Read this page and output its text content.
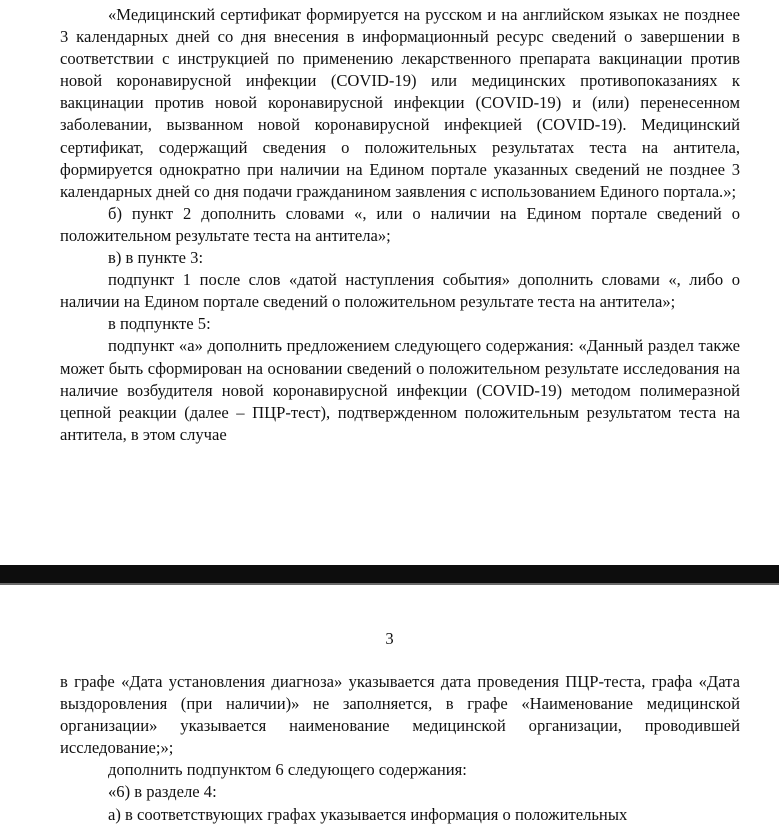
«Медицинский сертификат формируется на русском и на английском языках не позднее 3 календарных дней со дня внесения в информационный ресурс сведений о завершении в соответствии с инструкцией по применению лекарственного препарата вакцинации против новой коронавирусной инфекции (COVID-19) или медицинских противопоказаниях к вакцинации против новой коронавирусной инфекции (COVID-19) и (или) перенесенном заболевании, вызванном новой коронавирусной инфекцией (COVID-19). Медицинский сертификат, содержащий сведения о положительных результатах теста на антитела, формируется однократно при наличии на Едином портале указанных сведений не позднее 3 календарных дней со дня подачи гражданином заявления с использованием Единого портала.»;

б) пункт 2 дополнить словами «, или о наличии на Едином портале сведений о положительном результате теста на антитела»;

в) в пункте 3:

подпункт 1 после слов «датой наступления события» дополнить словами «, либо о наличии на Едином портале сведений о положительном результате теста на антитела»;

в подпункте 5:

подпункт «а» дополнить предложением следующего содержания: «Данный раздел также может быть сформирован на основании сведений о положительном результате исследования на наличие возбудителя новой коронавирусной инфекции (COVID-19) методом полимеразной цепной реакции (далее – ПЦР-тест), подтвержденном положительным результатом теста на антитела, в этом случае

3

в графе «Дата установления диагноза» указывается дата проведения ПЦР-теста, графа «Дата выздоровления (при наличии)» не заполняется, в графе «Наименование медицинской организации» указывается наименование медицинской организации, проводившей исследование;»;

дополнить подпунктом 6 следующего содержания:

«6) в разделе 4:

а) в соответствующих графах указывается информация о положительных
